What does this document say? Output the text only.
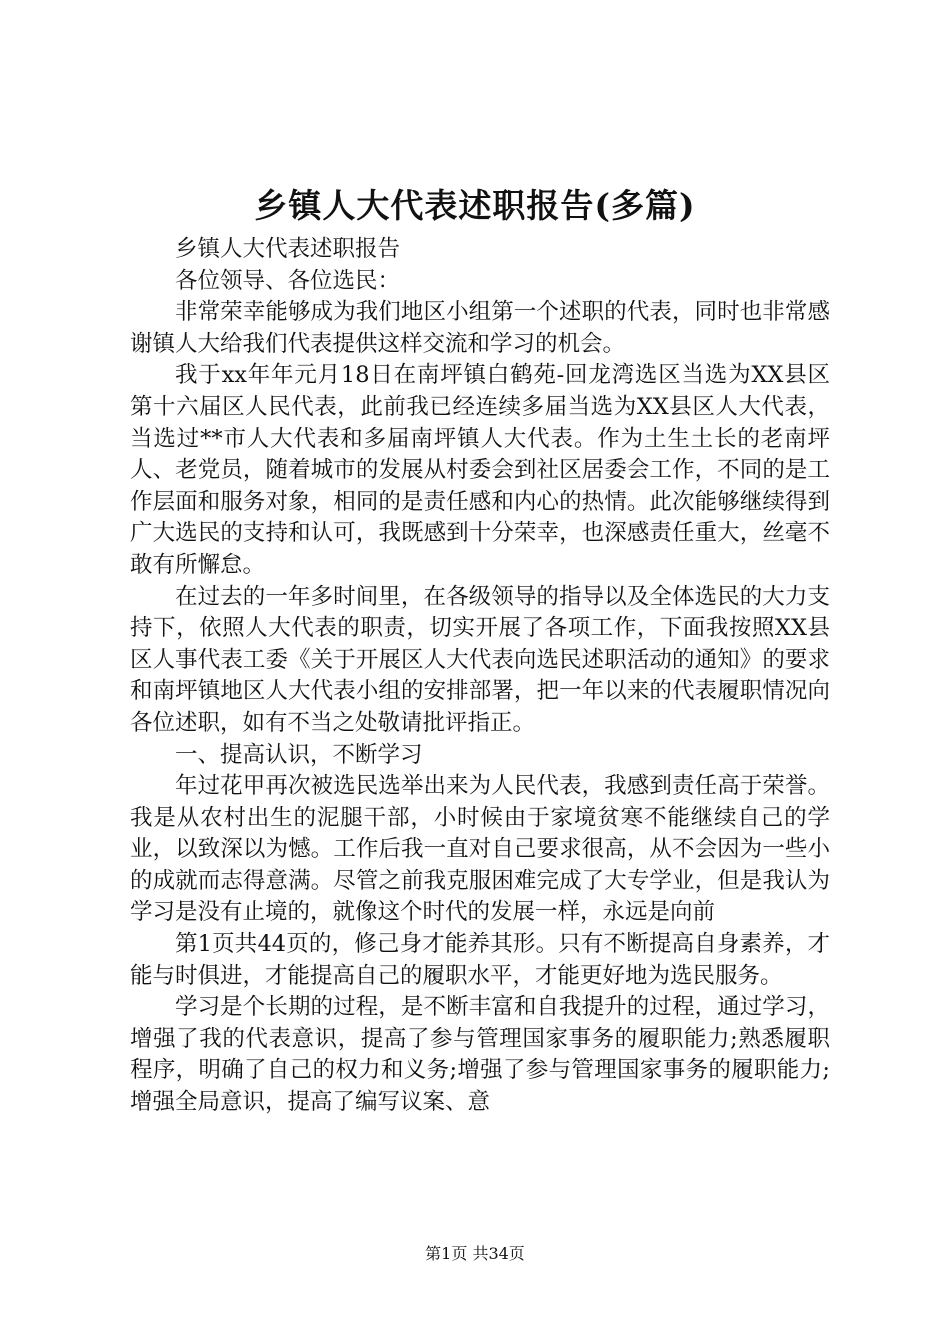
乡镇人大代表述职报告(多篇)

乡镇人大代表述职报告

各位领导、各位选民：

非常荣幸能够成为我们地区小组第一个述职的代表，同时也非常感谢镇人大给我们代表提供这样交流和学习的机会。

我于xx年年元月18日在南坪镇白鹤苑-回龙湾选区当选为XX县区第十六届区人民代表，此前我已经连续多届当选为XX县区人大代表，当选过**市人大代表和多届南坪镇人大代表。作为土生土长的老南坪人、老党员，随着城市的发展从村委会到社区居委会工作，不同的是工作层面和服务对象，相同的是责任感和内心的热情。此次能够继续得到广大选民的支持和认可，我既感到十分荣幸，也深感责任重大，丝毫不敢有所懈怠。

在过去的一年多时间里，在各级领导的指导以及全体选民的大力支持下，依照人大代表的职责，切实开展了各项工作，下面我按照XX县区人事代表工委《关于开展区人大代表向选民述职活动的通知》的要求和南坪镇地区人大代表小组的安排部署，把一年以来的代表履职情况向各位述职，如有不当之处敬请批评指正。

一、提高认识，不断学习

年过花甲再次被选民选举出来为人民代表，我感到责任高于荣誉。我是从农村出生的泥腿干部，小时候由于家境贫寒不能继续自己的学业，以致深以为憾。工作后我一直对自己要求很高，从不会因为一些小的成就而志得意满。尽管之前我克服困难完成了大专学业，但是我认为学习是没有止境的，就像这个时代的发展一样，永远是向前

第1页共44页的，修己身才能养其形。只有不断提高自身素养，才能与时俱进，才能提高自己的履职水平，才能更好地为选民服务。

学习是个长期的过程，是不断丰富和自我提升的过程，通过学习，增强了我的代表意识，提高了参与管理国家事务的履职能力;熟悉履职程序，明确了自己的权力和义务;增强了参与管理国家事务的履职能力;增强全局意识，提高了编写议案、意

第1页 共34页
